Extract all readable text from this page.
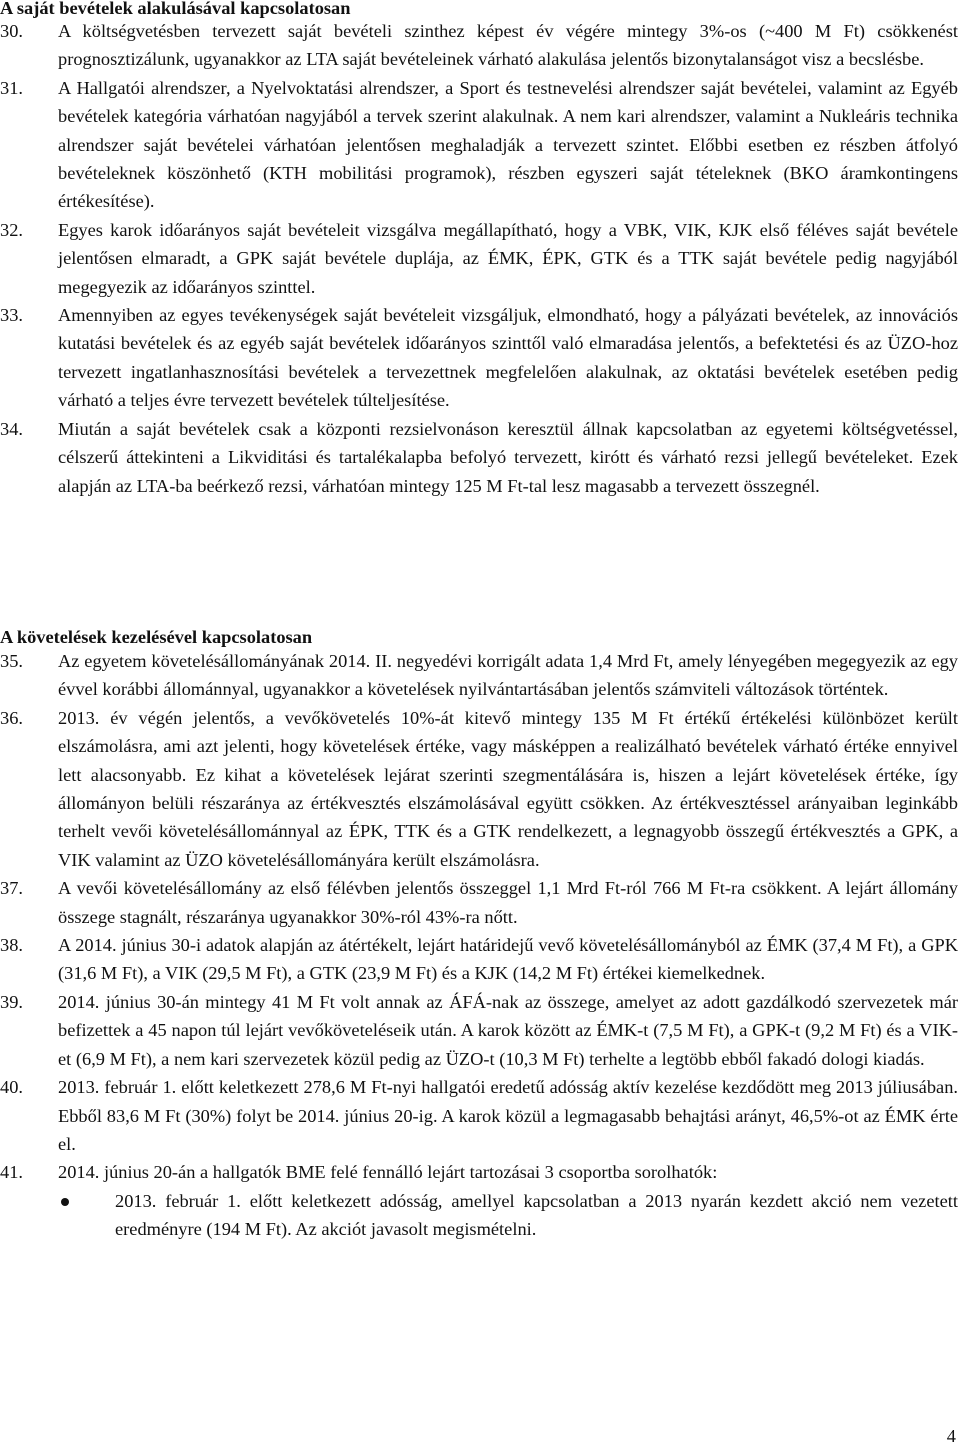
A saját bevételek alakulásával kapcsolatosan
30. A költségvetésben tervezett saját bevételi szinthez képest év végére mintegy 3%-os (~400 M Ft) csökkenést prognosztizálunk, ugyanakkor az LTA saját bevételeinek várható alakulása jelentős bizonytalanságot visz a becslésbe.
31. A Hallgatói alrendszer, a Nyelvoktatási alrendszer, a Sport és testnevelési alrendszer saját bevételei, valamint az Egyéb bevételek kategória várhatóan nagyjából a tervek szerint alakulnak. A nem kari alrendszer, valamint a Nukleáris technika alrendszer saját bevételei várhatóan jelentősen meghaladják a tervezett szintet. Előbbi esetben ez részben átfolyó bevételeknek köszönhető (KTH mobilitási programok), részben egyszeri saját tételeknek (BKO áramkontingens értékesítése).
32. Egyes karok időarányos saját bevételeit vizsgálva megállapítható, hogy a VBK, VIK, KJK első féléves saját bevétele jelentősen elmaradt, a GPK saját bevétele duplája, az ÉMK, ÉPK, GTK és a TTK saját bevétele pedig nagyjából megegyezik az időarányos szinttel.
33. Amennyiben az egyes tevékenységek saját bevételeit vizsgáljuk, elmondható, hogy a pályázati bevételek, az innovációs kutatási bevételek és az egyéb saját bevételek időarányos szinttől való elmaradása jelentős, a befektetési és az ÜZO-hoz tervezett ingatlanhasznosítási bevételek a tervezettnek megfelelően alakulnak, az oktatási bevételek esetében pedig várható a teljes évre tervezett bevételek túlteljesítése.
34. Miután a saját bevételek csak a központi rezsielvonáson keresztül állnak kapcsolatban az egyetemi költségvetéssel, célszerű áttekinteni a Likviditási és tartalékalapba befolyó tervezett, kirótt és várható rezsi jellegű bevételeket. Ezek alapján az LTA-ba beérkező rezsi, várhatóan mintegy 125 M Ft-tal lesz magasabb a tervezett összegnél.
A követelések kezelésével kapcsolatosan
35. Az egyetem követelésállományának 2014. II. negyedévi korrigált adata 1,4 Mrd Ft, amely lényegében megegyezik az egy évvel korábbi állománnyal, ugyanakkor a követelések nyilvántartásában jelentős számviteli változások történtek.
36. 2013. év végén jelentős, a vevőkövetelés 10%-át kitevő mintegy 135 M Ft értékű értékelési különbözet került elszámolásra, ami azt jelenti, hogy követelések értéke, vagy másképpen a realizálható bevételek várható értéke ennyivel lett alacsonyabb. Ez kihat a követelések lejárat szerinti szegmentálására is, hiszen a lejárt követelések értéke, így állományon belüli részaránya az értékvesztés elszámolásával együtt csökken. Az értékvesztéssel arányaiban leginkább terhelt vevői követelésállománnyal az ÉPK, TTK és a GTK rendelkezett, a legnagyobb összegű értékvesztés a GPK, a VIK valamint az ÜZO követelésállományára került elszámolásra.
37. A vevői követelésállomány az első félévben jelentős összeggel 1,1 Mrd Ft-ról 766 M Ft-ra csökkent. A lejárt állomány összege stagnált, részaránya ugyanakkor 30%-ról 43%-ra nőtt.
38. A 2014. június 30-i adatok alapján az átértékelt, lejárt határidejű vevő követelésállományból az ÉMK (37,4 M Ft), a GPK (31,6 M Ft), a VIK (29,5 M Ft), a GTK (23,9 M Ft) és a KJK (14,2 M Ft) értékei kiemelkednek.
39. 2014. június 30-án mintegy 41 M Ft volt annak az ÁFÁ-nak az összege, amelyet az adott gazdálkodó szervezetek már befizettek a 45 napon túl lejárt vevőköveteléseik után. A karok között az ÉMK-t (7,5 M Ft), a GPK-t (9,2 M Ft) és a VIK-et (6,9 M Ft), a nem kari szervezetek közül pedig az ÜZO-t (10,3 M Ft) terhelte a legtöbb ebből fakadó dologi kiadás.
40. 2013. február 1. előtt keletkezett 278,6 M Ft-nyi hallgatói eredetű adósság aktív kezelése kezdődött meg 2013 júliusában. Ebből 83,6 M Ft (30%) folyt be 2014. június 20-ig. A karok közül a legmagasabb behajtási arányt, 46,5%-ot az ÉMK érte el.
41. 2014. június 20-án a hallgatók BME felé fennálló lejárt tartozásai 3 csoportba sorolhatók:
2013. február 1. előtt keletkezett adósság, amellyel kapcsolatban a 2013 nyarán kezdett akció nem vezetett eredményre (194 M Ft). Az akciót javasolt megismételni.
4
